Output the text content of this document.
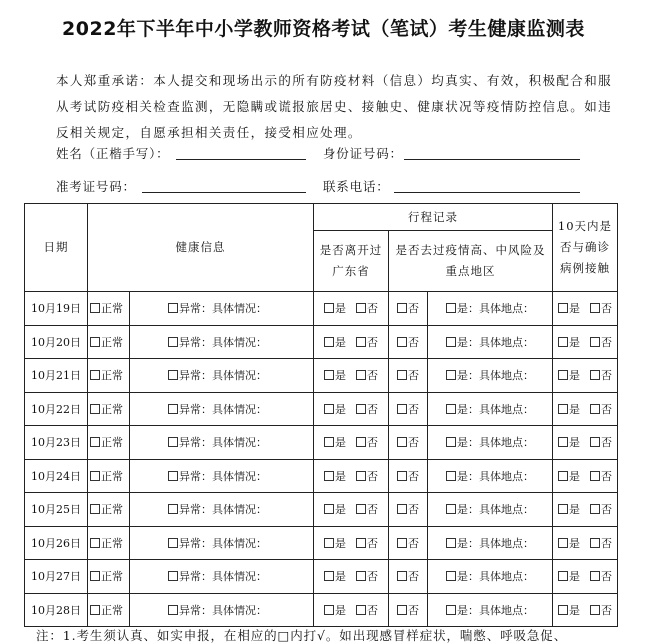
2022年下半年中小学教师资格考试（笔试）考生健康监测表
本人郑重承诺：本人提交和现场出示的所有防疫材料（信息）均真实、有效，积极配合和服从考试防疫相关检查监测，无隐瞒或谎报旅居史、接触史、健康状况等疫情防控信息。如违反相关规定，自愿承担相关责任，接受相应处理。
姓名（正楷手写）：	身份证号码：
准考证号码：	联系电话：
日期	健康信息		行程记录			10天内是否与确诊病例接触
			是否离开过广东省	是否去过疫情高、中风险及重点地区		
10月19日	正常	异常：具体情况：	是 否	否	是：具体地点：	是 否
10月20日	正常	异常：具体情况：	是 否	否	是：具体地点：	是 否
10月21日	正常	异常：具体情况：	是 否	否	是：具体地点：	是 否
10月22日	正常	异常：具体情况：	是 否	否	是：具体地点：	是 否
10月23日	正常	异常：具体情况：	是 否	否	是：具体地点：	是 否
10月24日	正常	异常：具体情况：	是 否	否	是：具体地点：	是 否
10月25日	正常	异常：具体情况：	是 否	否	是：具体地点：	是 否
10月26日	正常	异常：具体情况：	是 否	否	是：具体地点：	是 否
10月27日	正常	异常：具体情况：	是 否	否	是：具体地点：	是 否
10月28日	正常	异常：具体情况：	是 否	否	是：具体地点：	是 否
注：1.考生须认真、如实申报，在相应的□内打√。如出现感冒样症状，喘憋、呼吸急促、
